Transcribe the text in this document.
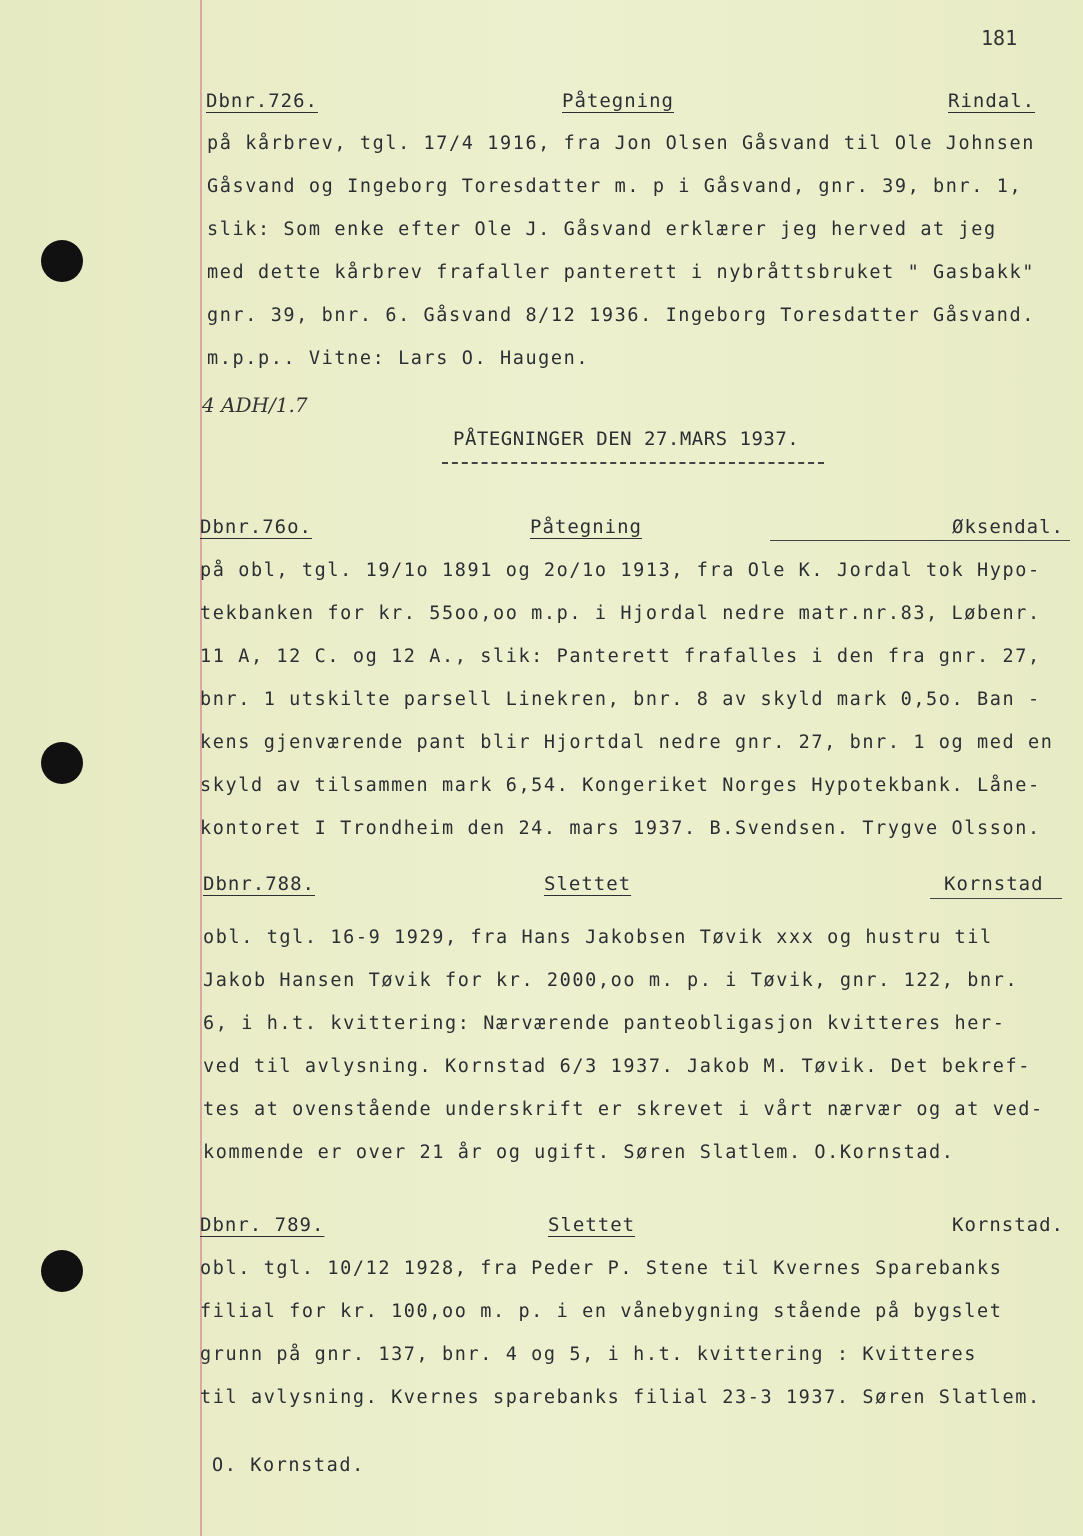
181
Dbnr.726.	Påtegning	Rindal.
på kårbrev, tgl. 17/4 1916, fra Jon Olsen Gåsvand til Ole Johnsen
Gåsvand og Ingeborg Toresdatter m. p i Gåsvand, gnr. 39, bnr. 1,
slik: Som enke efter Ole J. Gåsvand erklærer jeg herved at jeg
med dette kårbrev frafaller panterett i nybråttsbruket " Gasbakk"
gnr. 39, bnr. 6. Gåsvand 8/12 1936. Ingeborg Toresdatter Gåsvand.
m.p.p.. Vitne: Lars O. Haugen.
4 ADH/1.7
PÅTEGNINGER DEN 27.MARS 1937.
Dbnr.76o.	Påtegning	Øksendal.
på obl, tgl. 19/1o 1891 og 2o/1o 1913, fra Ole K. Jordal tok Hypo-
tekbanken for kr. 55oo,oo m.p. i Hjordal nedre matr.nr.83, Løbenr.
11 A, 12 C. og 12 A., slik: Panterett frafalles i den fra gnr. 27,
bnr. 1 utskilte parsell Linekren, bnr. 8 av skyld mark 0,5o. Ban -
kens gjenværende pant blir Hjortdal nedre gnr. 27, bnr. 1 og med en
skyld av tilsammen mark 6,54. Kongeriket Norges Hypotekbank. Låne-
kontoret I Trondheim den 24. mars 1937. B.Svendsen. Trygve Olsson.
Dbnr.788.	Slettet	Kornstad
obl. tgl. 16-9 1929, fra Hans Jakobsen Tøvik xxx og hustru til
Jakob Hansen Tøvik for kr. 2000,oo m. p. i Tøvik, gnr. 122, bnr.
6, i h.t. kvittering: Nærværende panteobligasjon kvitteres her-
ved til avlysning. Kornstad 6/3 1937. Jakob M. Tøvik. Det bekref-
tes at ovenstående underskrift er skrevet i vårt nærvær og at ved-
kommende er over 21 år og ugift. Søren Slatlem. O.Kornstad.
Dbnr. 789.	Slettet	Kornstad.
obl. tgl. 10/12 1928, fra Peder P. Stene til Kvernes Sparebanks
filial for kr. 100,oo m. p. i en vånebygning stående på bygslet
grunn på gnr. 137, bnr. 4 og 5, i h.t. kvittering : Kvitteres
til avlysning. Kvernes sparebanks filial 23-3 1937. Søren Slatlem.
O. Kornstad.
